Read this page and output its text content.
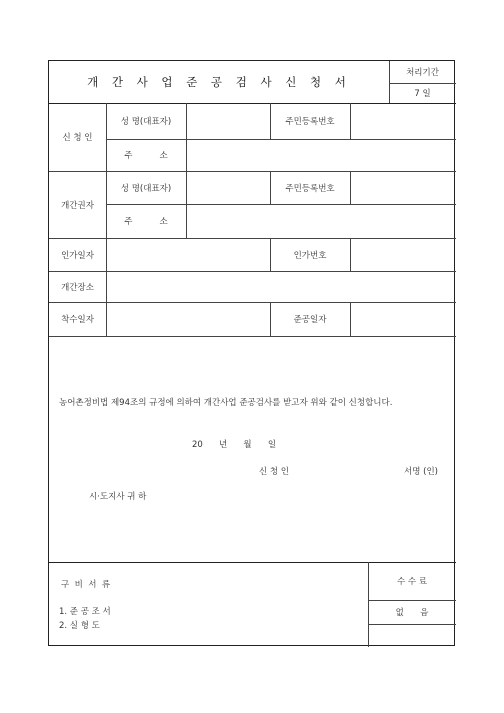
개 간 사 업 준 공 검 사 신 청 서
처리기간
7 일
신 청 인
성 명(대표자)	주민등록번호
주          소
개간권자
성 명(대표자)	주민등록번호
주          소
인가일자	인가번호
개간장소
착수일자	준공일자
농어촌정비법 제94조의 규정에 의하여 개간사업 준공검사를 받고자 위와 같이 신청합니다.
20      년      월      일
신 청 인	서명 (인)
시·도지사 귀 하
구  비  서  류	수 수 료
없      음
1. 준 공 조 서
2. 실 형 도
